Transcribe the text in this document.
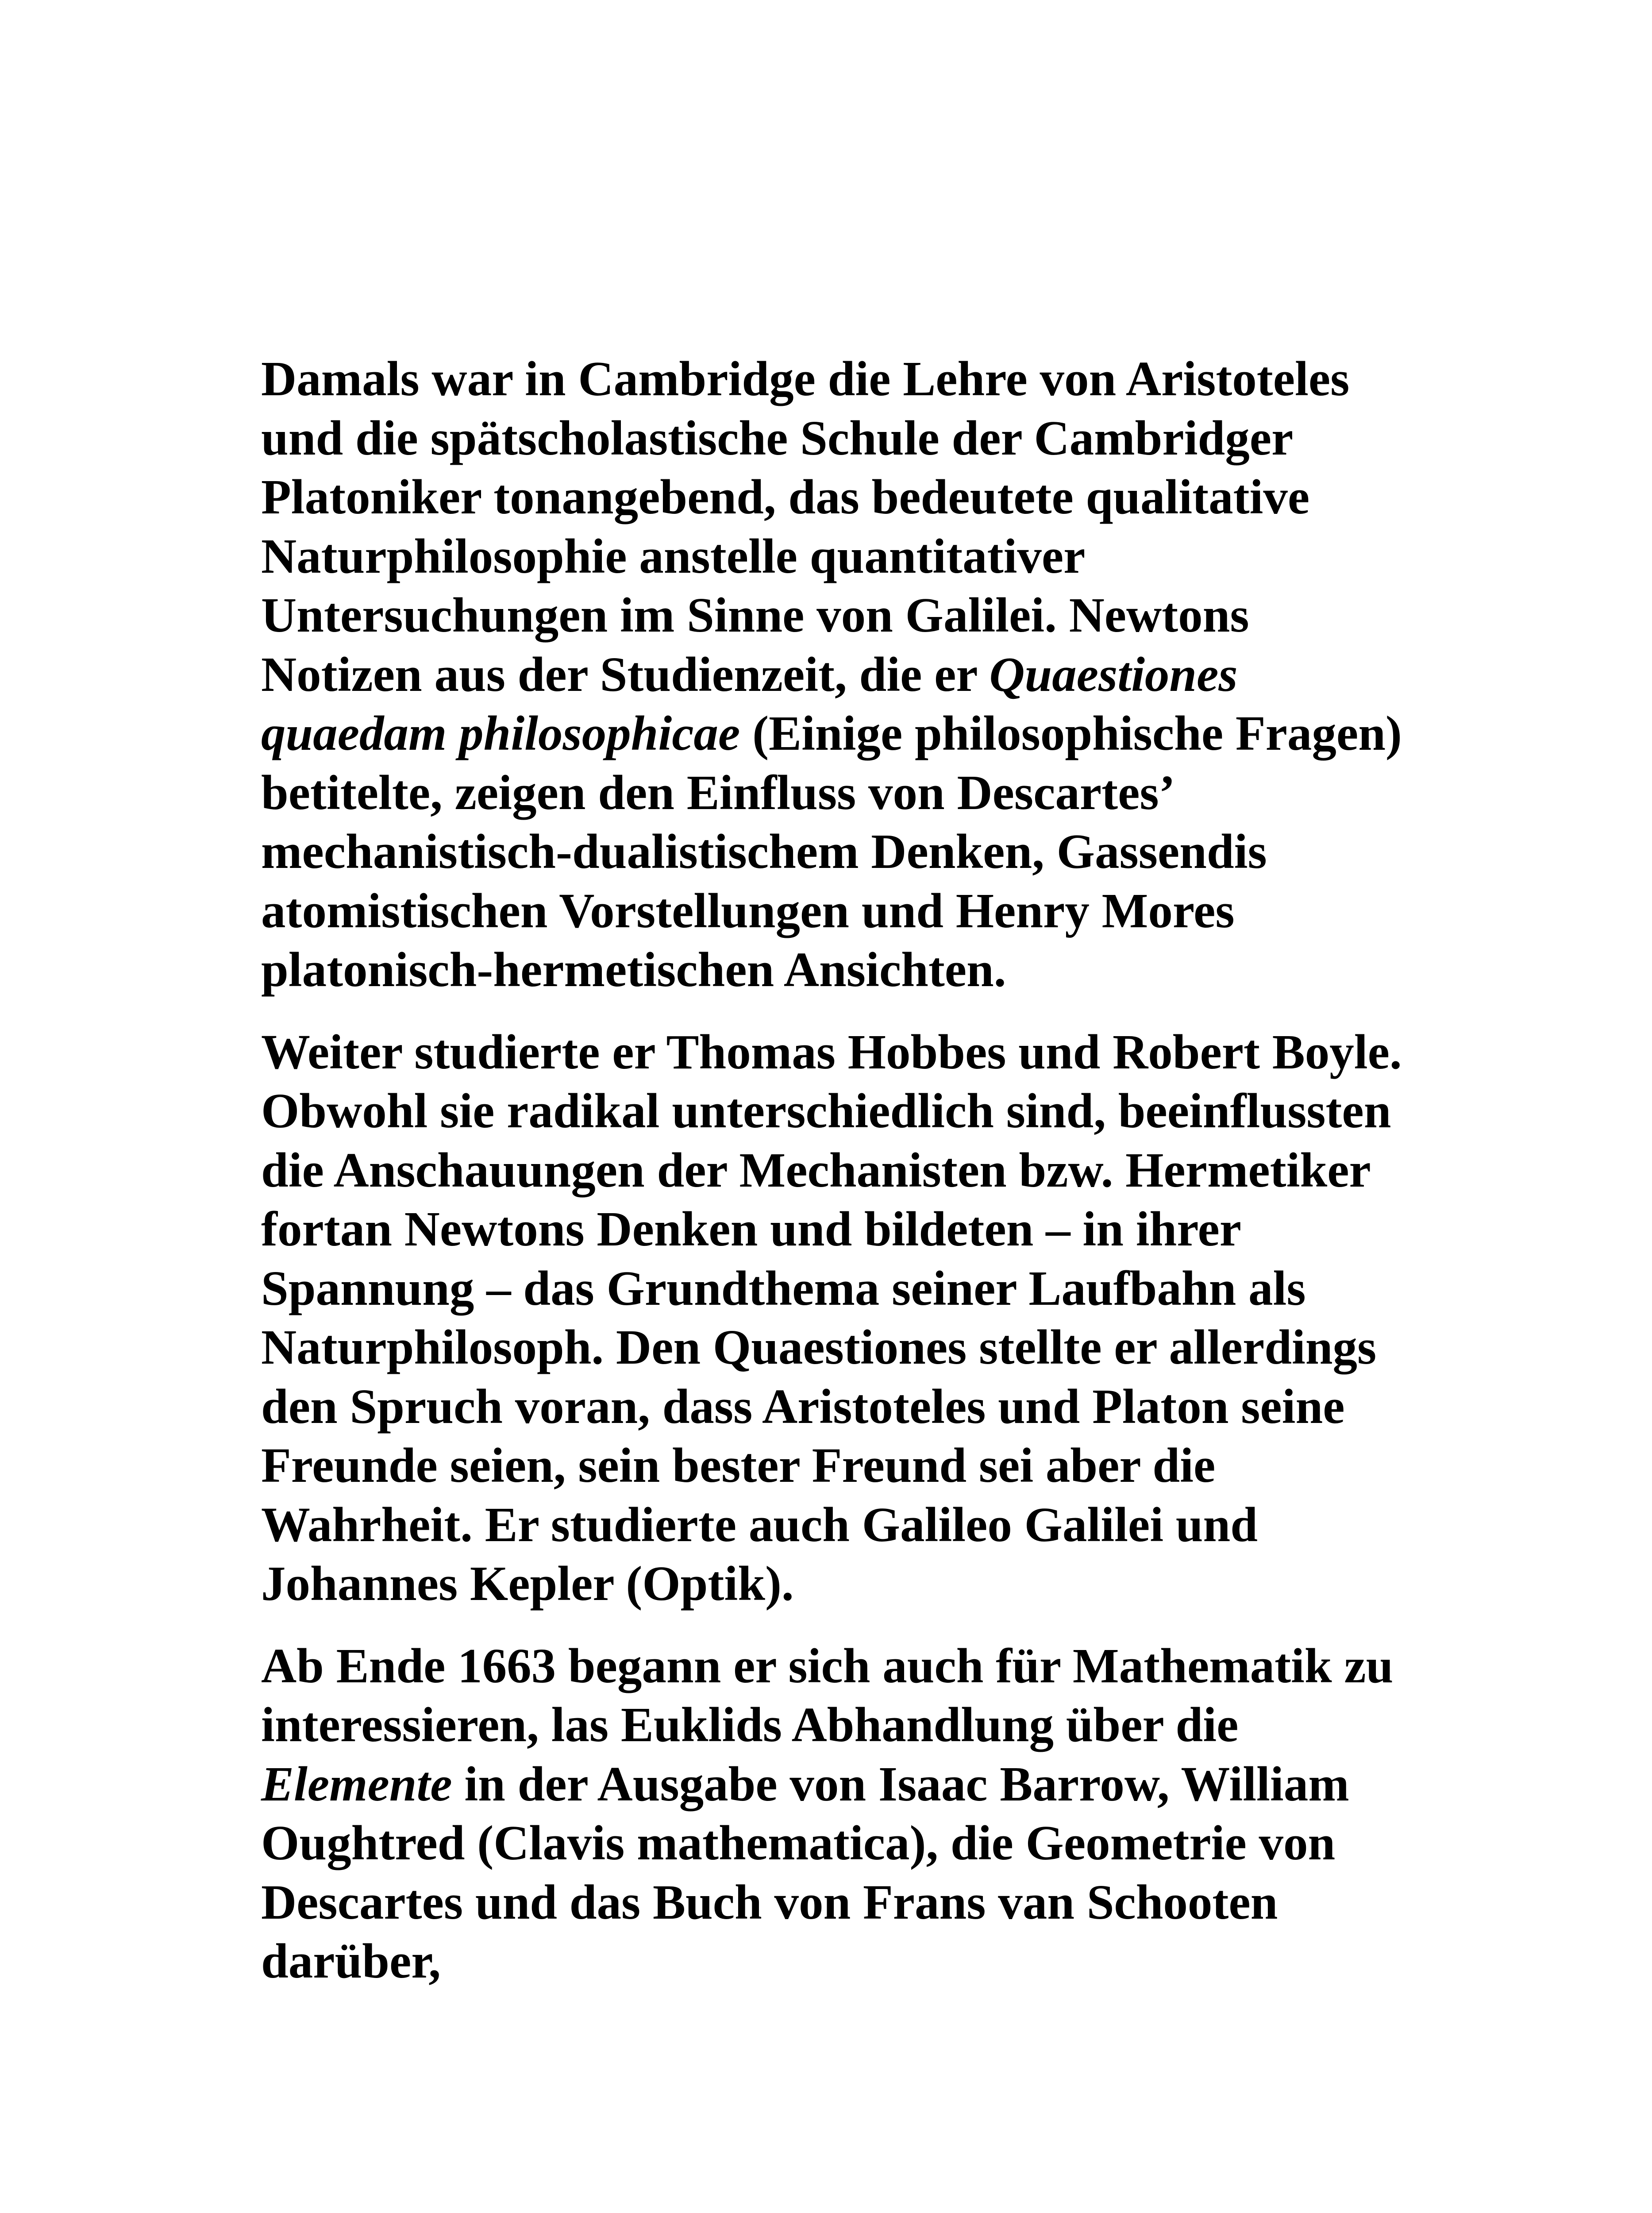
Damals war in Cambridge die Lehre von Aristoteles
und die spätscholastische Schule der Cambridger
Platoniker tonangebend, das bedeutete qualitative
Naturphilosophie anstelle quantitativer
Untersuchungen im Sinne von Galilei. Newtons
Notizen aus der Studienzeit, die er Quaestiones
quaedam philosophicae (Einige philosophische Fragen)
betitelte, zeigen den Einfluss von Descartes’
mechanistisch-dualistischem Denken, Gassendis
atomistischen Vorstellungen und Henry Mores
platonisch-hermetischen Ansichten.

Weiter studierte er Thomas Hobbes und Robert Boyle.
Obwohl sie radikal unterschiedlich sind, beeinflussten
die Anschauungen der Mechanisten bzw. Hermetiker
fortan Newtons Denken und bildeten – in ihrer
Spannung – das Grundthema seiner Laufbahn als
Naturphilosoph. Den Quaestiones stellte er allerdings
den Spruch voran, dass Aristoteles und Platon seine
Freunde seien, sein bester Freund sei aber die
Wahrheit. Er studierte auch Galileo Galilei und
Johannes Kepler (Optik).

Ab Ende 1663 begann er sich auch für Mathematik zu
interessieren, las Euklids Abhandlung über die
Elemente in der Ausgabe von Isaac Barrow, William
Oughtred (Clavis mathematica), die Geometrie von
Descartes und das Buch von Frans van Schooten
darüber,
